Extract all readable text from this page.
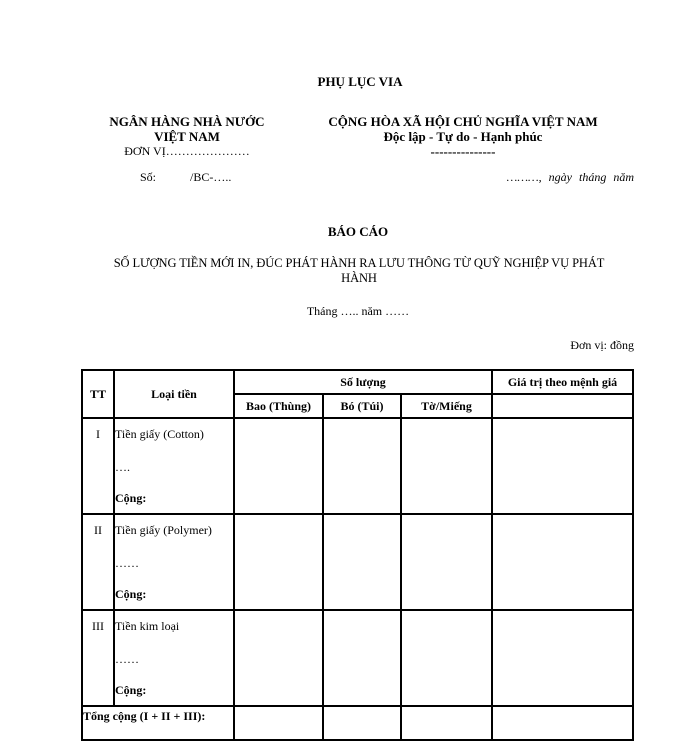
PHỤ LỤC VIA
NGÂN HÀNG NHÀ NƯỚC
VIỆT NAM
ĐƠN VỊ…………………
CỘNG HÒA XÃ HỘI CHỦ NGHĨA VIỆT NAM
Độc lập - Tự do - Hạnh phúc
---------------
Số:	/BC-…..	………, ngày tháng năm
BÁO CÁO
SỐ LƯỢNG TIỀN MỚI IN, ĐÚC PHÁT HÀNH RA LƯU THÔNG TỪ QUỸ NGHIỆP VỤ PHÁT HÀNH
Tháng ….. năm ……
Đơn vị: đồng
TT	Loại tiền	Số lượng			Giá trị theo mệnh giá
		Bao (Thùng)	Bó (Túi)	Tờ/Miếng	
I	Tiền giấy (Cotton)
….
Cộng:				

II	Tiền giấy (Polymer)
……
Cộng:				

III	Tiền kim loại
……
Cộng:				

Tổng cộng (I + II + III):					
